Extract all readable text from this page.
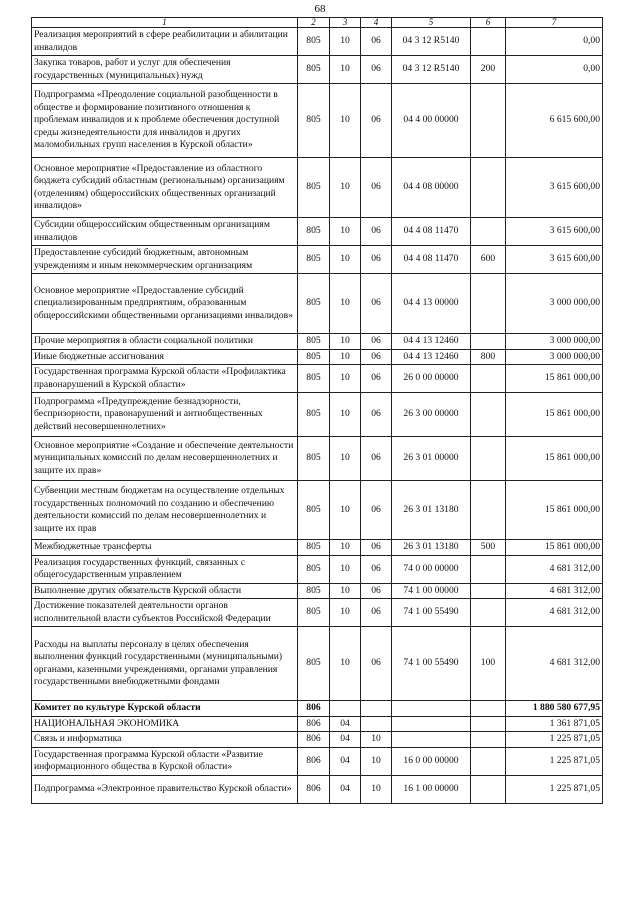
68
1	2	3	4	5	6	7
Реализация мероприятий в сфере реабилитации и абилитации инвалидов	805	10	06	04 3 12 R5140		0,00
Закупка товаров, работ и услуг для обеспечения государственных (муниципальных) нужд	805	10	06	04 3 12 R5140	200	0,00
Подпрограмма «Преодоление социальной разобщенности в обществе и формирование позитивного отношения к проблемам инвалидов и к проблеме обеспечения доступной среды жизнедеятельности для инвалидов и других маломобильных групп населения в Курской области»	805	10	06	04 4 00 00000		6 615 600,00
Основное мероприятие «Предоставление из областного бюджета субсидий областным (региональным) организациям (отделениям) общероссийских общественных организаций инвалидов»	805	10	06	04 4 08 00000		3 615 600,00
Субсидии общероссийским общественным организациям инвалидов	805	10	06	04 4 08 11470		3 615 600,00
Предоставление субсидий бюджетным, автономным учреждениям и иным некоммерческим организациям	805	10	06	04 4 08 11470	600	3 615 600,00
Основное мероприятие «Предоставление субсидий специализированным предприятиям, образованным общероссийскими общественными организациями инвалидов»	805	10	06	04 4 13 00000		3 000 000,00
Прочие мероприятия в области социальной политики	805	10	06	04 4 13 12460		3 000 000,00
Иные бюджетные ассигнования	805	10	06	04 4 13 12460	800	3 000 000,00
Государственная программа Курской области «Профилактика правонарушений в Курской области»	805	10	06	26 0 00 00000		15 861 000,00
Подпрограмма «Предупреждение безнадзорности, беспризорности, правонарушений и антиобщественных действий несовершеннолетних»	805	10	06	26 3 00 00000		15 861 000,00
Основное мероприятие «Создание и обеспечение деятельности муниципальных комиссий по делам несовершеннолетних и защите их прав»	805	10	06	26 3 01 00000		15 861 000,00
Субвенции местным бюджетам на осуществление отдельных государственных полномочий по созданию и обеспечению деятельности комиссий по делам несовершеннолетних и защите их прав	805	10	06	26 3 01 13180		15 861 000,00
Межбюджетные трансферты	805	10	06	26 3 01 13180	500	15 861 000,00
Реализация государственных функций, связанных с общегосударственным управлением	805	10	06	74 0 00 00000		4 681 312,00
Выполнение других обязательств Курской области	805	10	06	74 1 00 00000		4 681 312,00
Достижение показателей деятельности органов исполнительной власти субъектов Российской Федерации	805	10	06	74 1 00 55490		4 681 312,00
Расходы на выплаты персоналу в целях обеспечения выполнения функций государственными (муниципальными) органами, казенными учреждениями, органами управления государственными внебюджетными фондами	805	10	06	74 1 00 55490	100	4 681 312,00
Комитет по культуре Курской области	806					1 880 580 677,95
НАЦИОНАЛЬНАЯ ЭКОНОМИКА	806	04				1 361 871,05
Связь и информатика	806	04	10			1 225 871,05
Государственная программа Курской области «Развитие информационного общества в Курской области»	806	04	10	16 0 00 00000		1 225 871,05
Подпрограмма «Электронное правительство Курской области»	806	04	10	16 1 00 00000		1 225 871,05
